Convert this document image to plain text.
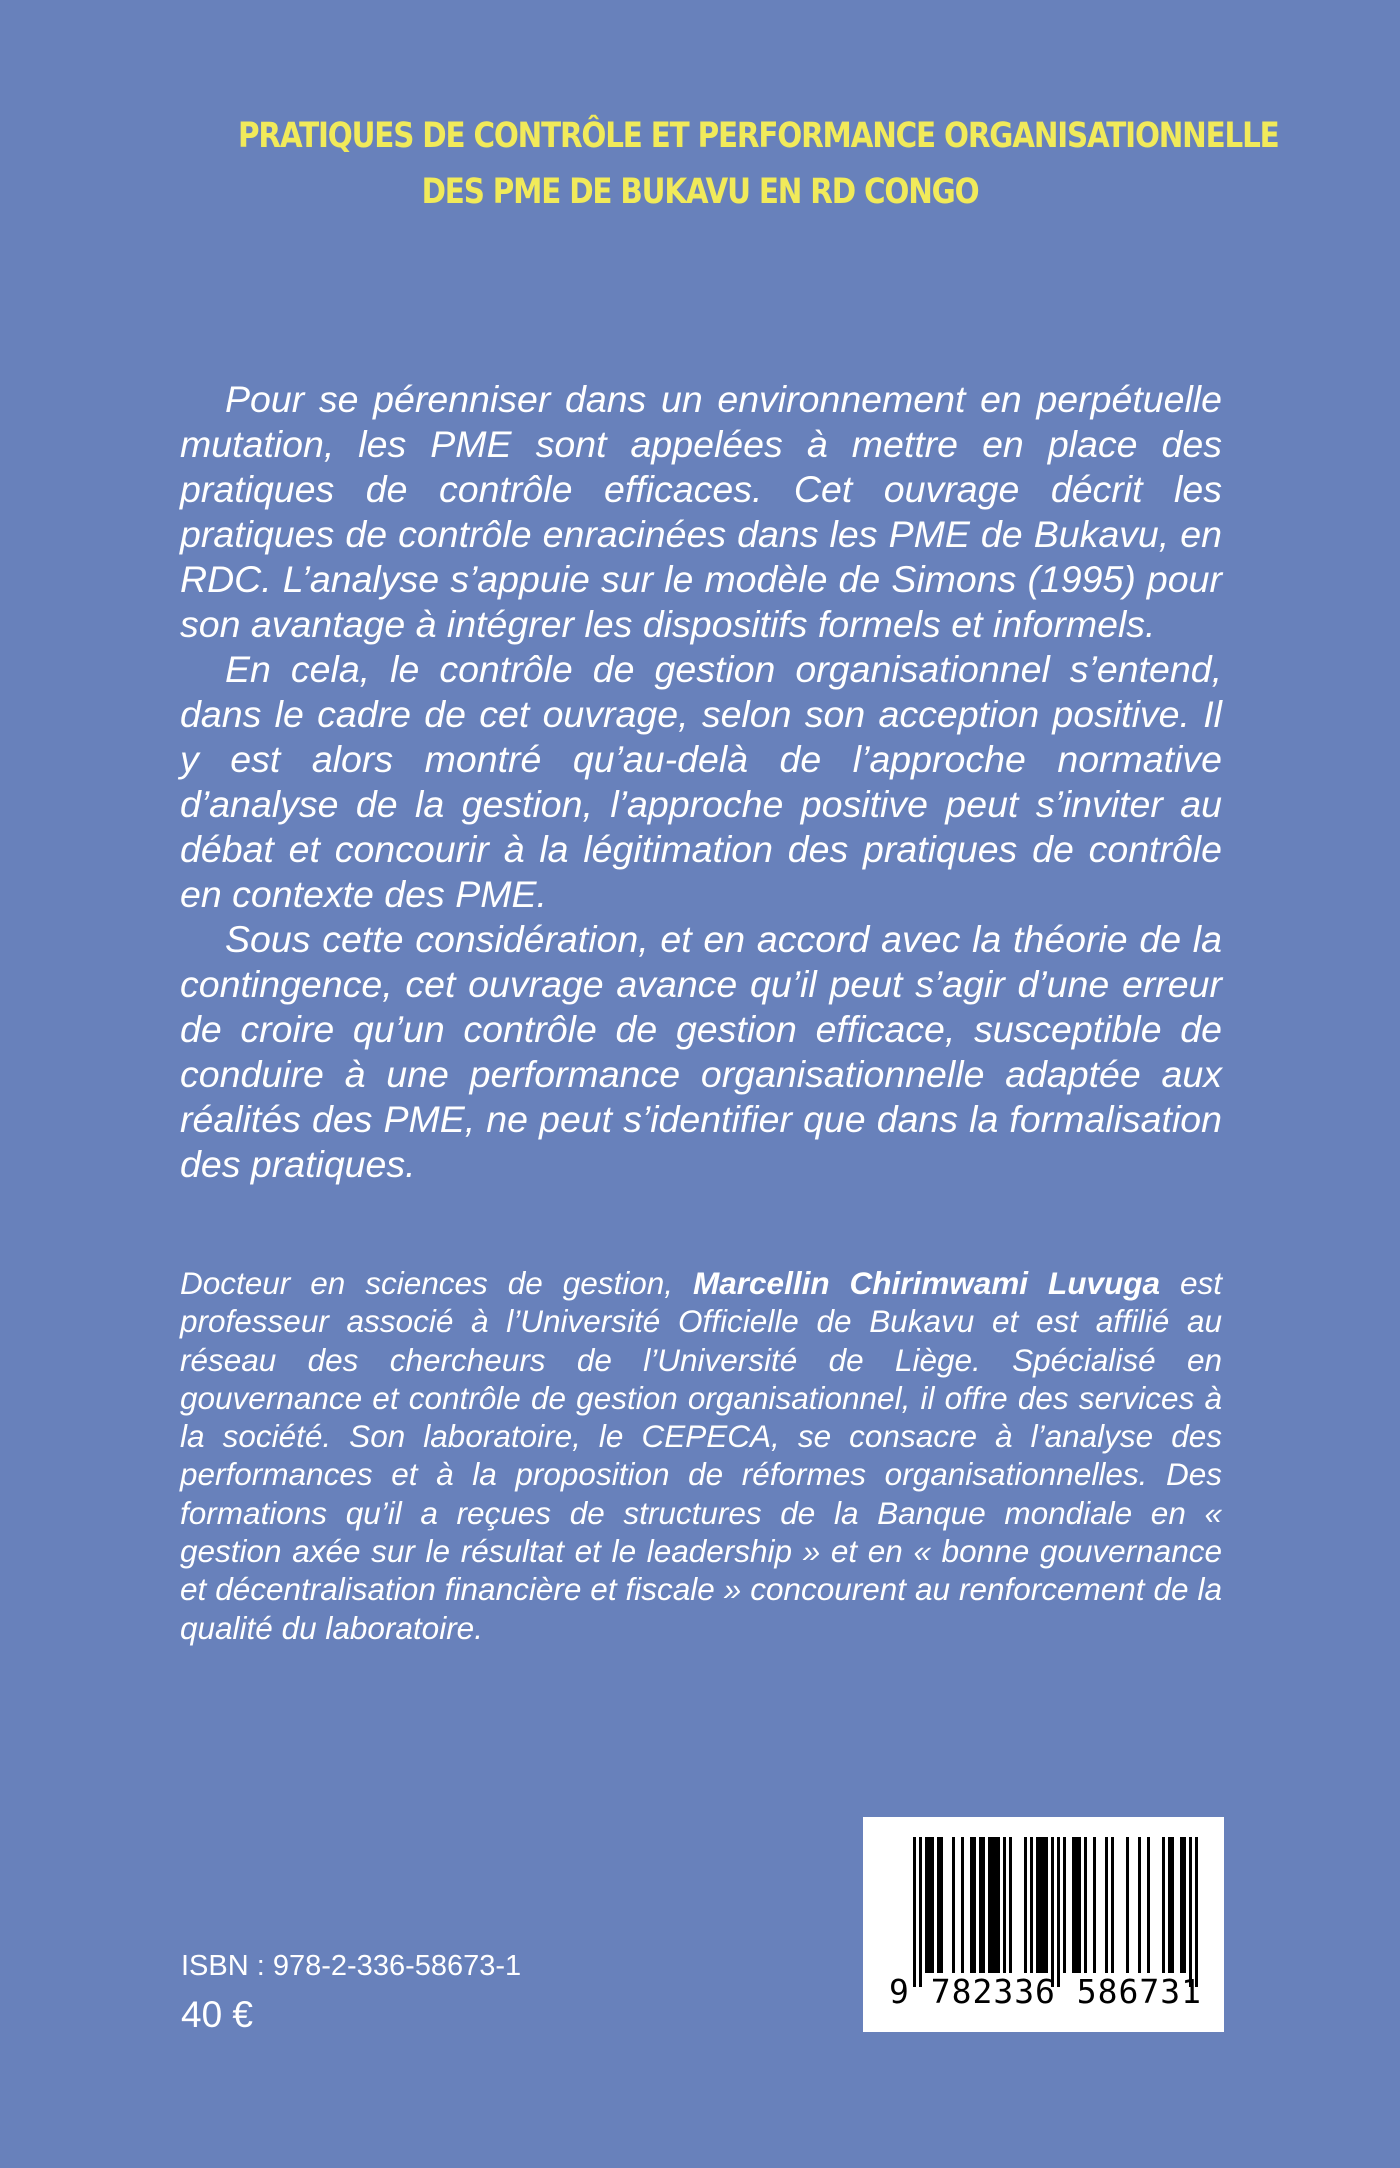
PRATIQUES DE CONTRÔLE ET PERFORMANCE ORGANISATIONNELLE
DES PME DE BUKAVU EN RD CONGO

Pour se pérenniser dans un environnement en perpétuelle mutation, les PME sont appelées à mettre en place des pratiques de contrôle efficaces. Cet ouvrage décrit les pratiques de contrôle enracinées dans les PME de Bukavu, en RDC. L’analyse s’appuie sur le modèle de Simons (1995) pour son avantage à intégrer les dispositifs formels et informels.

En cela, le contrôle de gestion organisationnel s’entend, dans le cadre de cet ouvrage, selon son acception positive. Il y est alors montré qu’au-delà de l’approche normative d’analyse de la gestion, l’approche positive peut s’inviter au débat et concourir à la légitimation des pratiques de contrôle en contexte des PME.

Sous cette considération, et en accord avec la théorie de la contingence, cet ouvrage avance qu’il peut s’agir d’une erreur de croire qu’un contrôle de gestion efficace, susceptible de conduire à une performance organisationnelle adaptée aux réalités des PME, ne peut s’identifier que dans la formalisation des pratiques.

Docteur en sciences de gestion, Marcellin Chirimwami Luvuga est professeur associé à l’Université Officielle de Bukavu et est affilié au réseau des chercheurs de l’Université de Liège. Spécialisé en gouvernance et contrôle de gestion organisationnel, il offre des services à la société. Son laboratoire, le CEPECA, se consacre à l’analyse des performances et à la proposition de réformes organisationnelles. Des formations qu’il a reçues de structures de la Banque mondiale en « gestion axée sur le résultat et le leadership » et en « bonne gouvernance et décentralisation financière et fiscale » concourent au renforcement de la qualité du laboratoire.

ISBN : 978-2-336-58673-1
40 €
9 782336 586731
